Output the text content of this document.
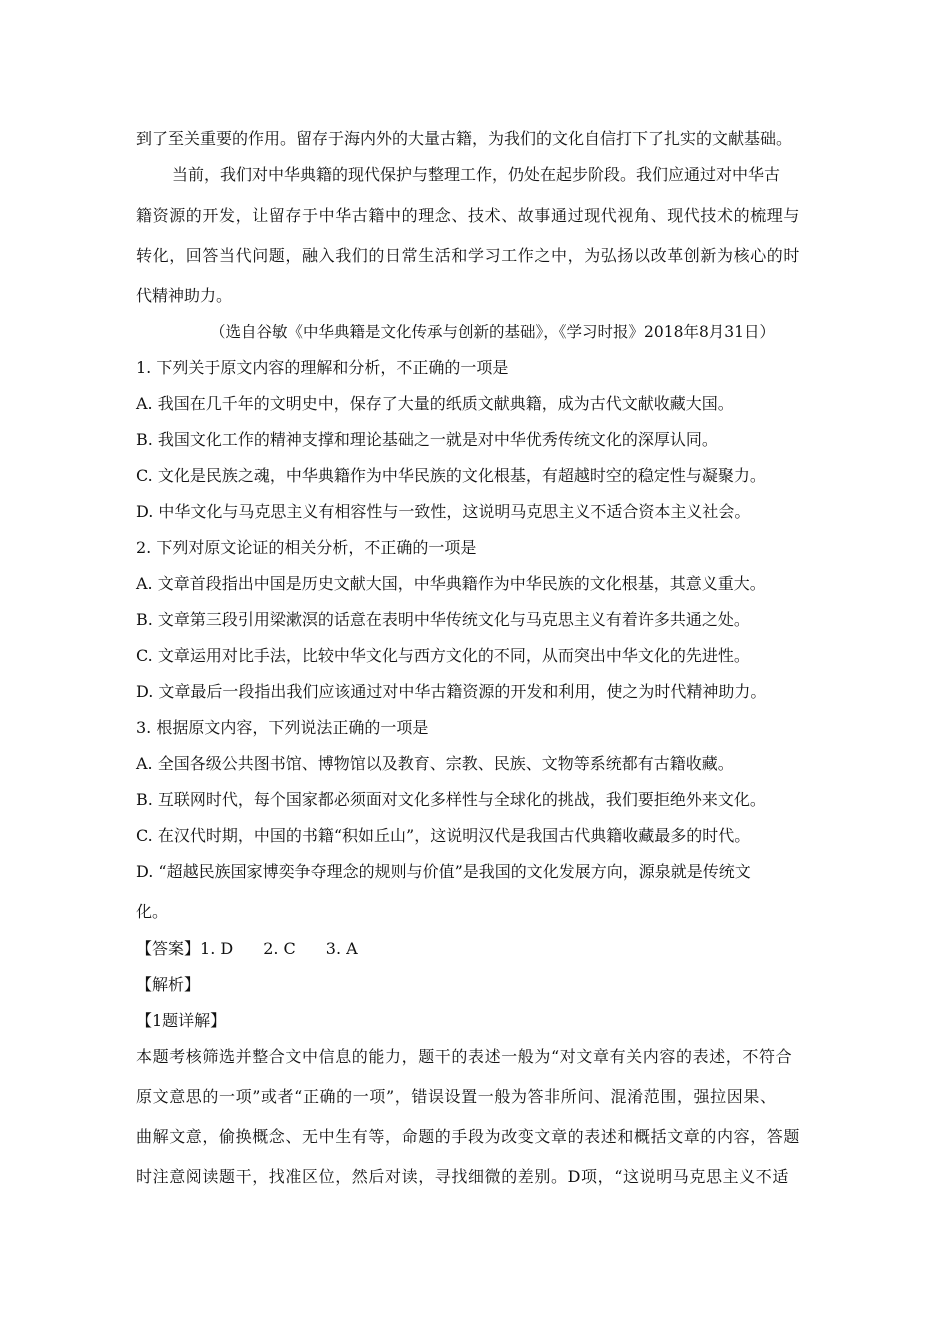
到了至关重要的作用。留存于海内外的大量古籍，为我们的文化自信打下了扎实的文献基础。
当前，我们对中华典籍的现代保护与整理工作，仍处在起步阶段。我们应通过对中华古
籍资源的开发，让留存于中华古籍中的理念、技术、故事通过现代视角、现代技术的梳理与
转化，回答当代问题，融入我们的日常生活和学习工作之中，为弘扬以改革创新为核心的时
代精神助力。
（选自谷敏《中华典籍是文化传承与创新的基础》，《学习时报》2018年8月31日）
1. 下列关于原文内容的理解和分析，不正确的一项是
A. 我国在几千年的文明史中，保存了大量的纸质文献典籍，成为古代文献收藏大国。
B. 我国文化工作的精神支撑和理论基础之一就是对中华优秀传统文化的深厚认同。
C. 文化是民族之魂，中华典籍作为中华民族的文化根基，有超越时空的稳定性与凝聚力。
D. 中华文化与马克思主义有相容性与一致性，这说明马克思主义不适合资本主义社会。
2. 下列对原文论证的相关分析，不正确的一项是
A. 文章首段指出中国是历史文献大国，中华典籍作为中华民族的文化根基，其意义重大。
B. 文章第三段引用梁漱溟的话意在表明中华传统文化与马克思主义有着许多共通之处。
C. 文章运用对比手法，比较中华文化与西方文化的不同，从而突出中华文化的先进性。
D. 文章最后一段指出我们应该通过对中华古籍资源的开发和利用，使之为时代精神助力。
3. 根据原文内容，下列说法正确的一项是
A. 全国各级公共图书馆、博物馆以及教育、宗教、民族、文物等系统都有古籍收藏。
B. 互联网时代，每个国家都必须面对文化多样性与全球化的挑战，我们要拒绝外来文化。
C. 在汉代时期，中国的书籍“积如丘山”，这说明汉代是我国古代典籍收藏最多的时代。
D. “超越民族国家博奕争夺理念的规则与价值”是我国的文化发展方向，源泉就是传统文
化。
【答案】1. D 2. C 3. A
【解析】
【1题详解】
本题考核筛选并整合文中信息的能力，题干的表述一般为“对文章有关内容的表述，不符合
原文意思的一项”或者“正确的一项”，错误设置一般为答非所问、混淆范围，强拉因果、
曲解文意，偷换概念、无中生有等，命题的手段为改变文章的表述和概括文章的内容，答题
时注意阅读题干，找准区位，然后对读，寻找细微的差别。D项，“这说明马克思主义不适
